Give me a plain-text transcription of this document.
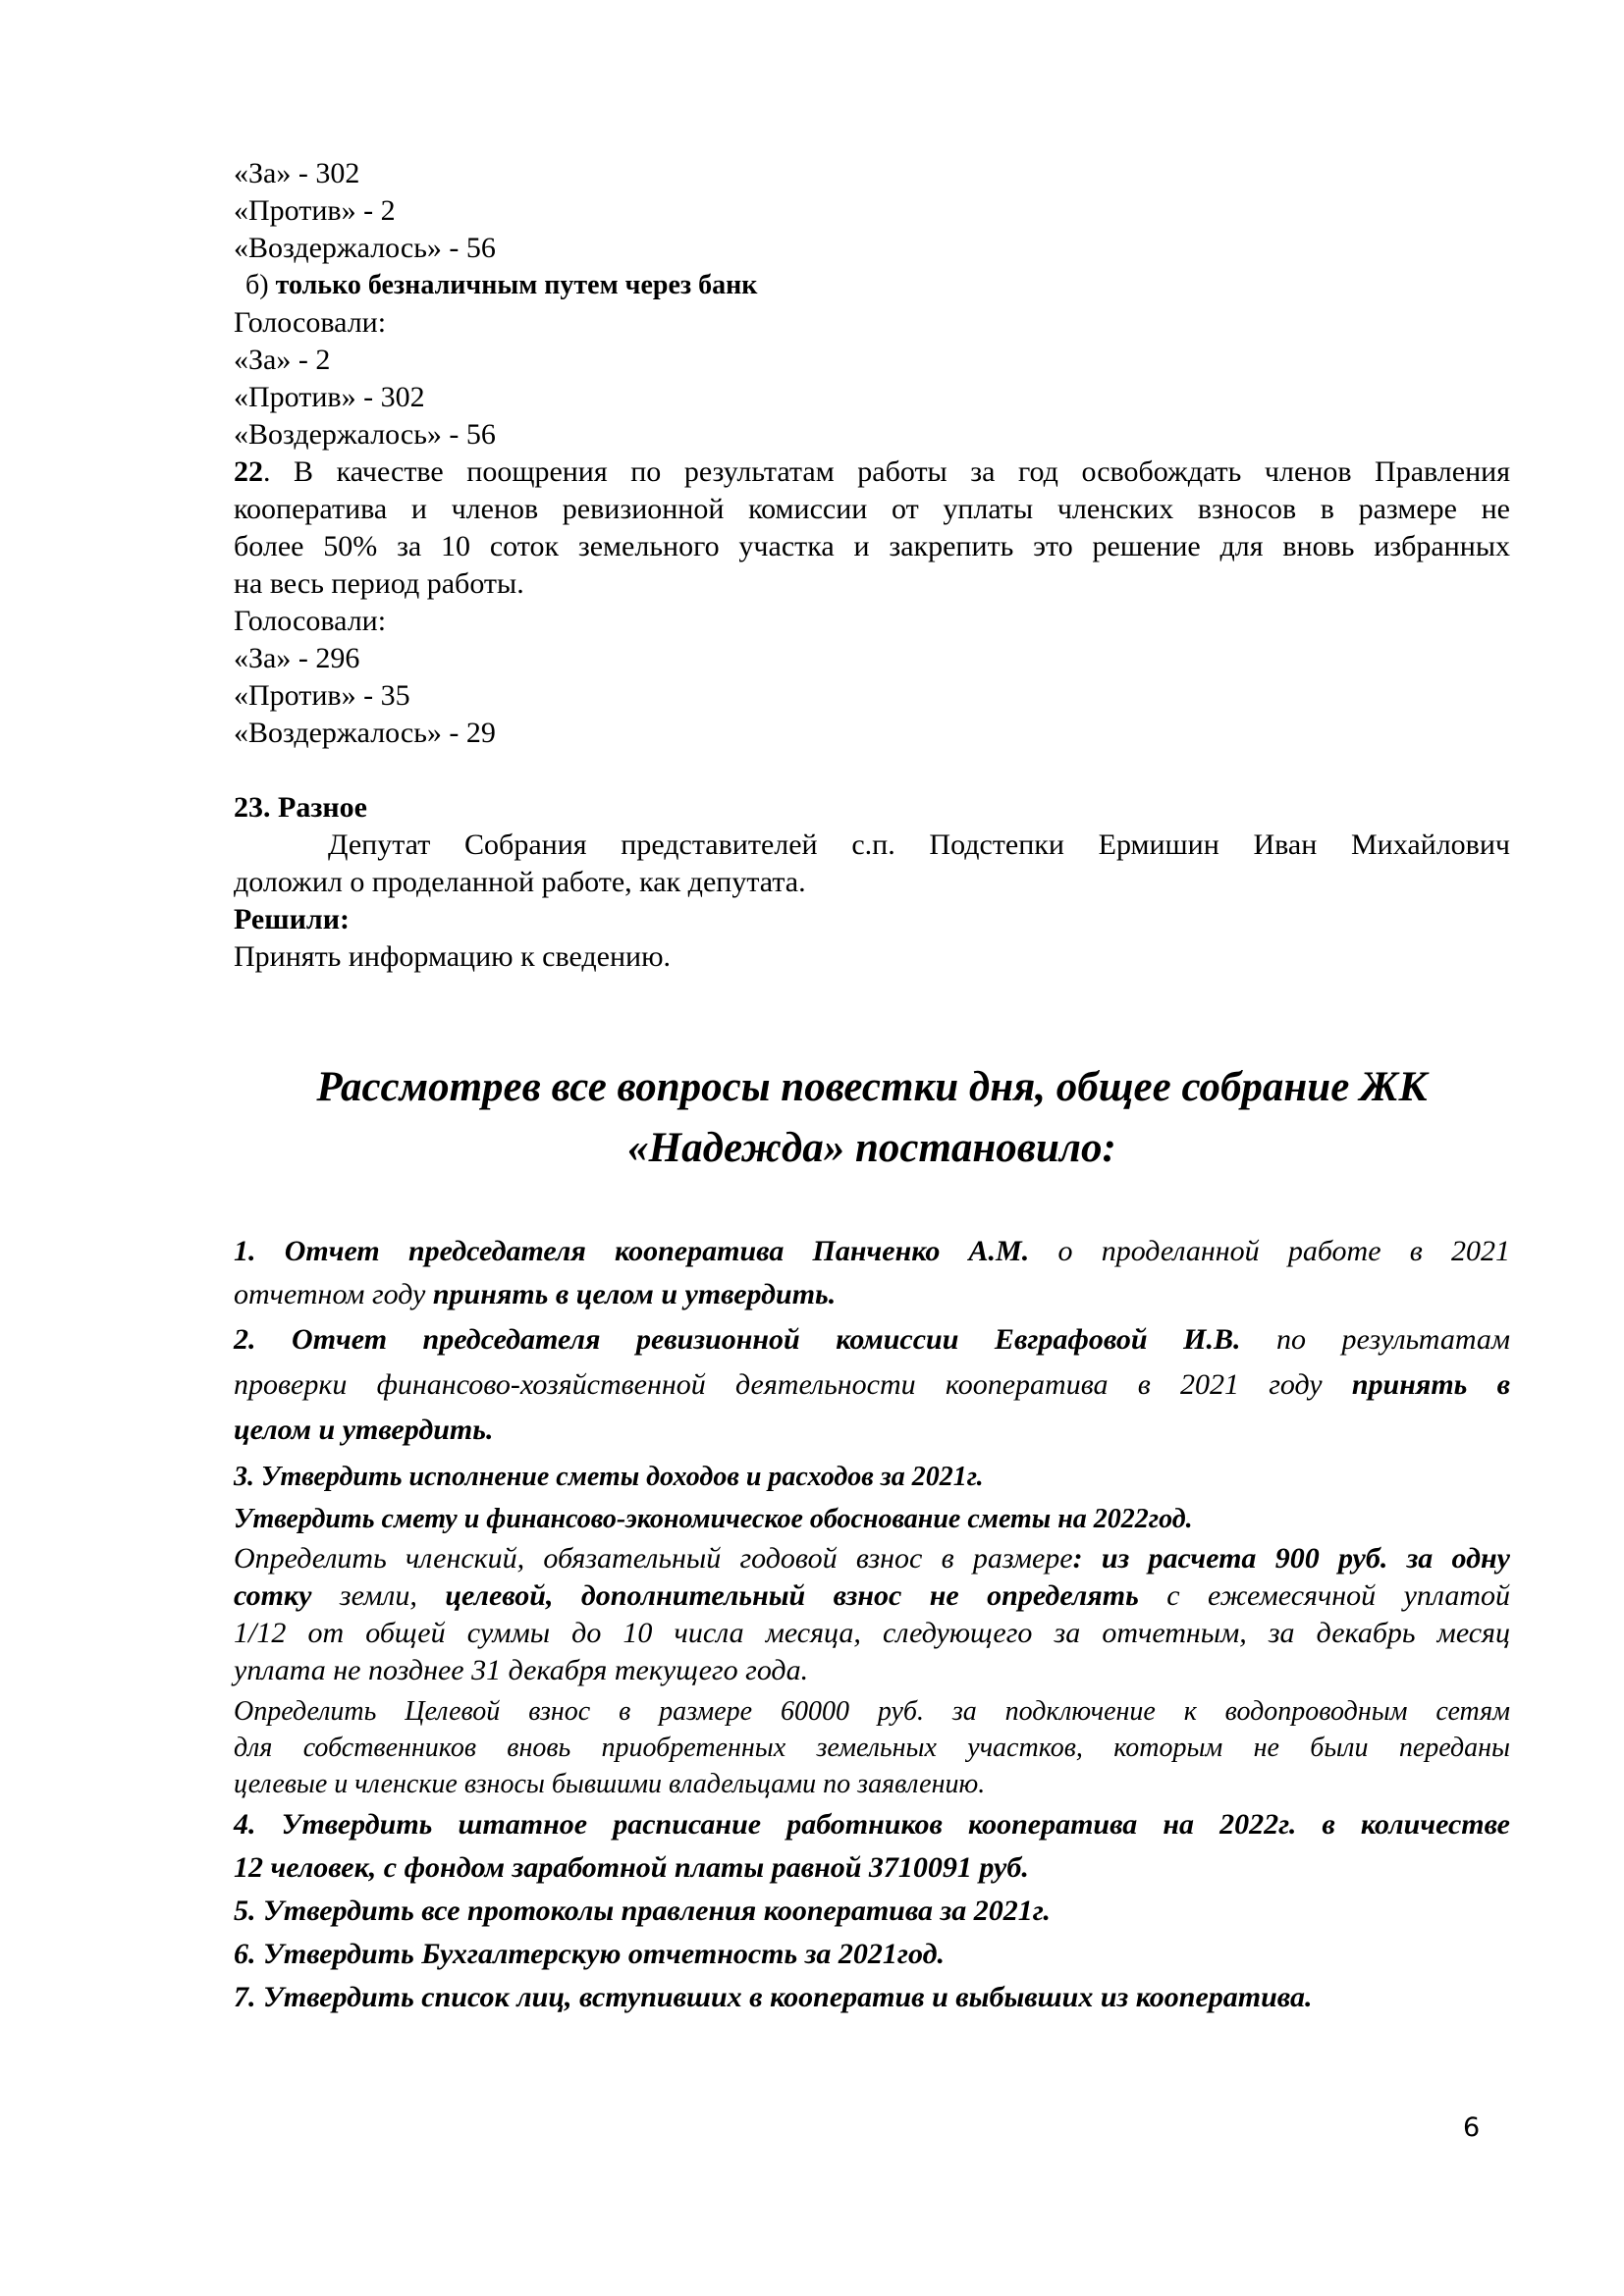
«За» - 302
«Против» - 2
«Воздержалось» - 56
б) только безналичным путем через банк
Голосовали:
«За» - 2
«Против» - 302
«Воздержалось» - 56
22. В качестве поощрения по результатам работы за год освобождать членов Правления
кооператива и членов ревизионной комиссии от уплаты членских взносов в размере не
более 50% за 10 соток земельного участка и закрепить это решение для вновь избранных
на весь период работы.
Голосовали:
«За» - 296
«Против» - 35
«Воздержалось» - 29
23. Разное
Депутат Собрания представителей с.п. Подстепки Ермишин Иван Михайлович
доложил о проделанной работе, как депутата.
Решили:
Принять информацию к сведению.
Рассмотрев все вопросы повестки дня, общее собрание ЖК
«Надежда» постановило:
1. Отчет председателя кооператива Панченко А.М. о проделанной работе в 2021
отчетном году принять в целом и утвердить.
2. Отчет председателя ревизионной комиссии Евграфовой И.В. по результатам
проверки финансово-хозяйственной деятельности кооператива в 2021 году принять в
целом и утвердить.
3. Утвердить исполнение сметы доходов и расходов за 2021г.
Утвердить смету и финансово-экономическое обоснование сметы на 2022год.
Определить членский, обязательный годовой взнос в размере: из расчета 900 руб. за одну
сотку земли, целевой, дополнительный взнос не определять с ежемесячной уплатой
1/12 от общей суммы до 10 числа месяца, следующего за отчетным, за декабрь месяц
уплата не позднее 31 декабря текущего года.
Определить Целевой взнос в размере 60000 руб. за подключение к водопроводным сетям
для собственников вновь приобретенных земельных участков, которым не были переданы
целевые и членские взносы бывшими владельцами по заявлению.
4. Утвердить штатное расписание работников кооператива на 2022г. в количестве
12 человек, с фондом заработной платы равной 3710091 руб.
5. Утвердить все протоколы правления кооператива за 2021г.
6. Утвердить Бухгалтерскую отчетность за 2021год.
7. Утвердить список лиц, вступивших в кооператив и выбывших из кооператива.
6
